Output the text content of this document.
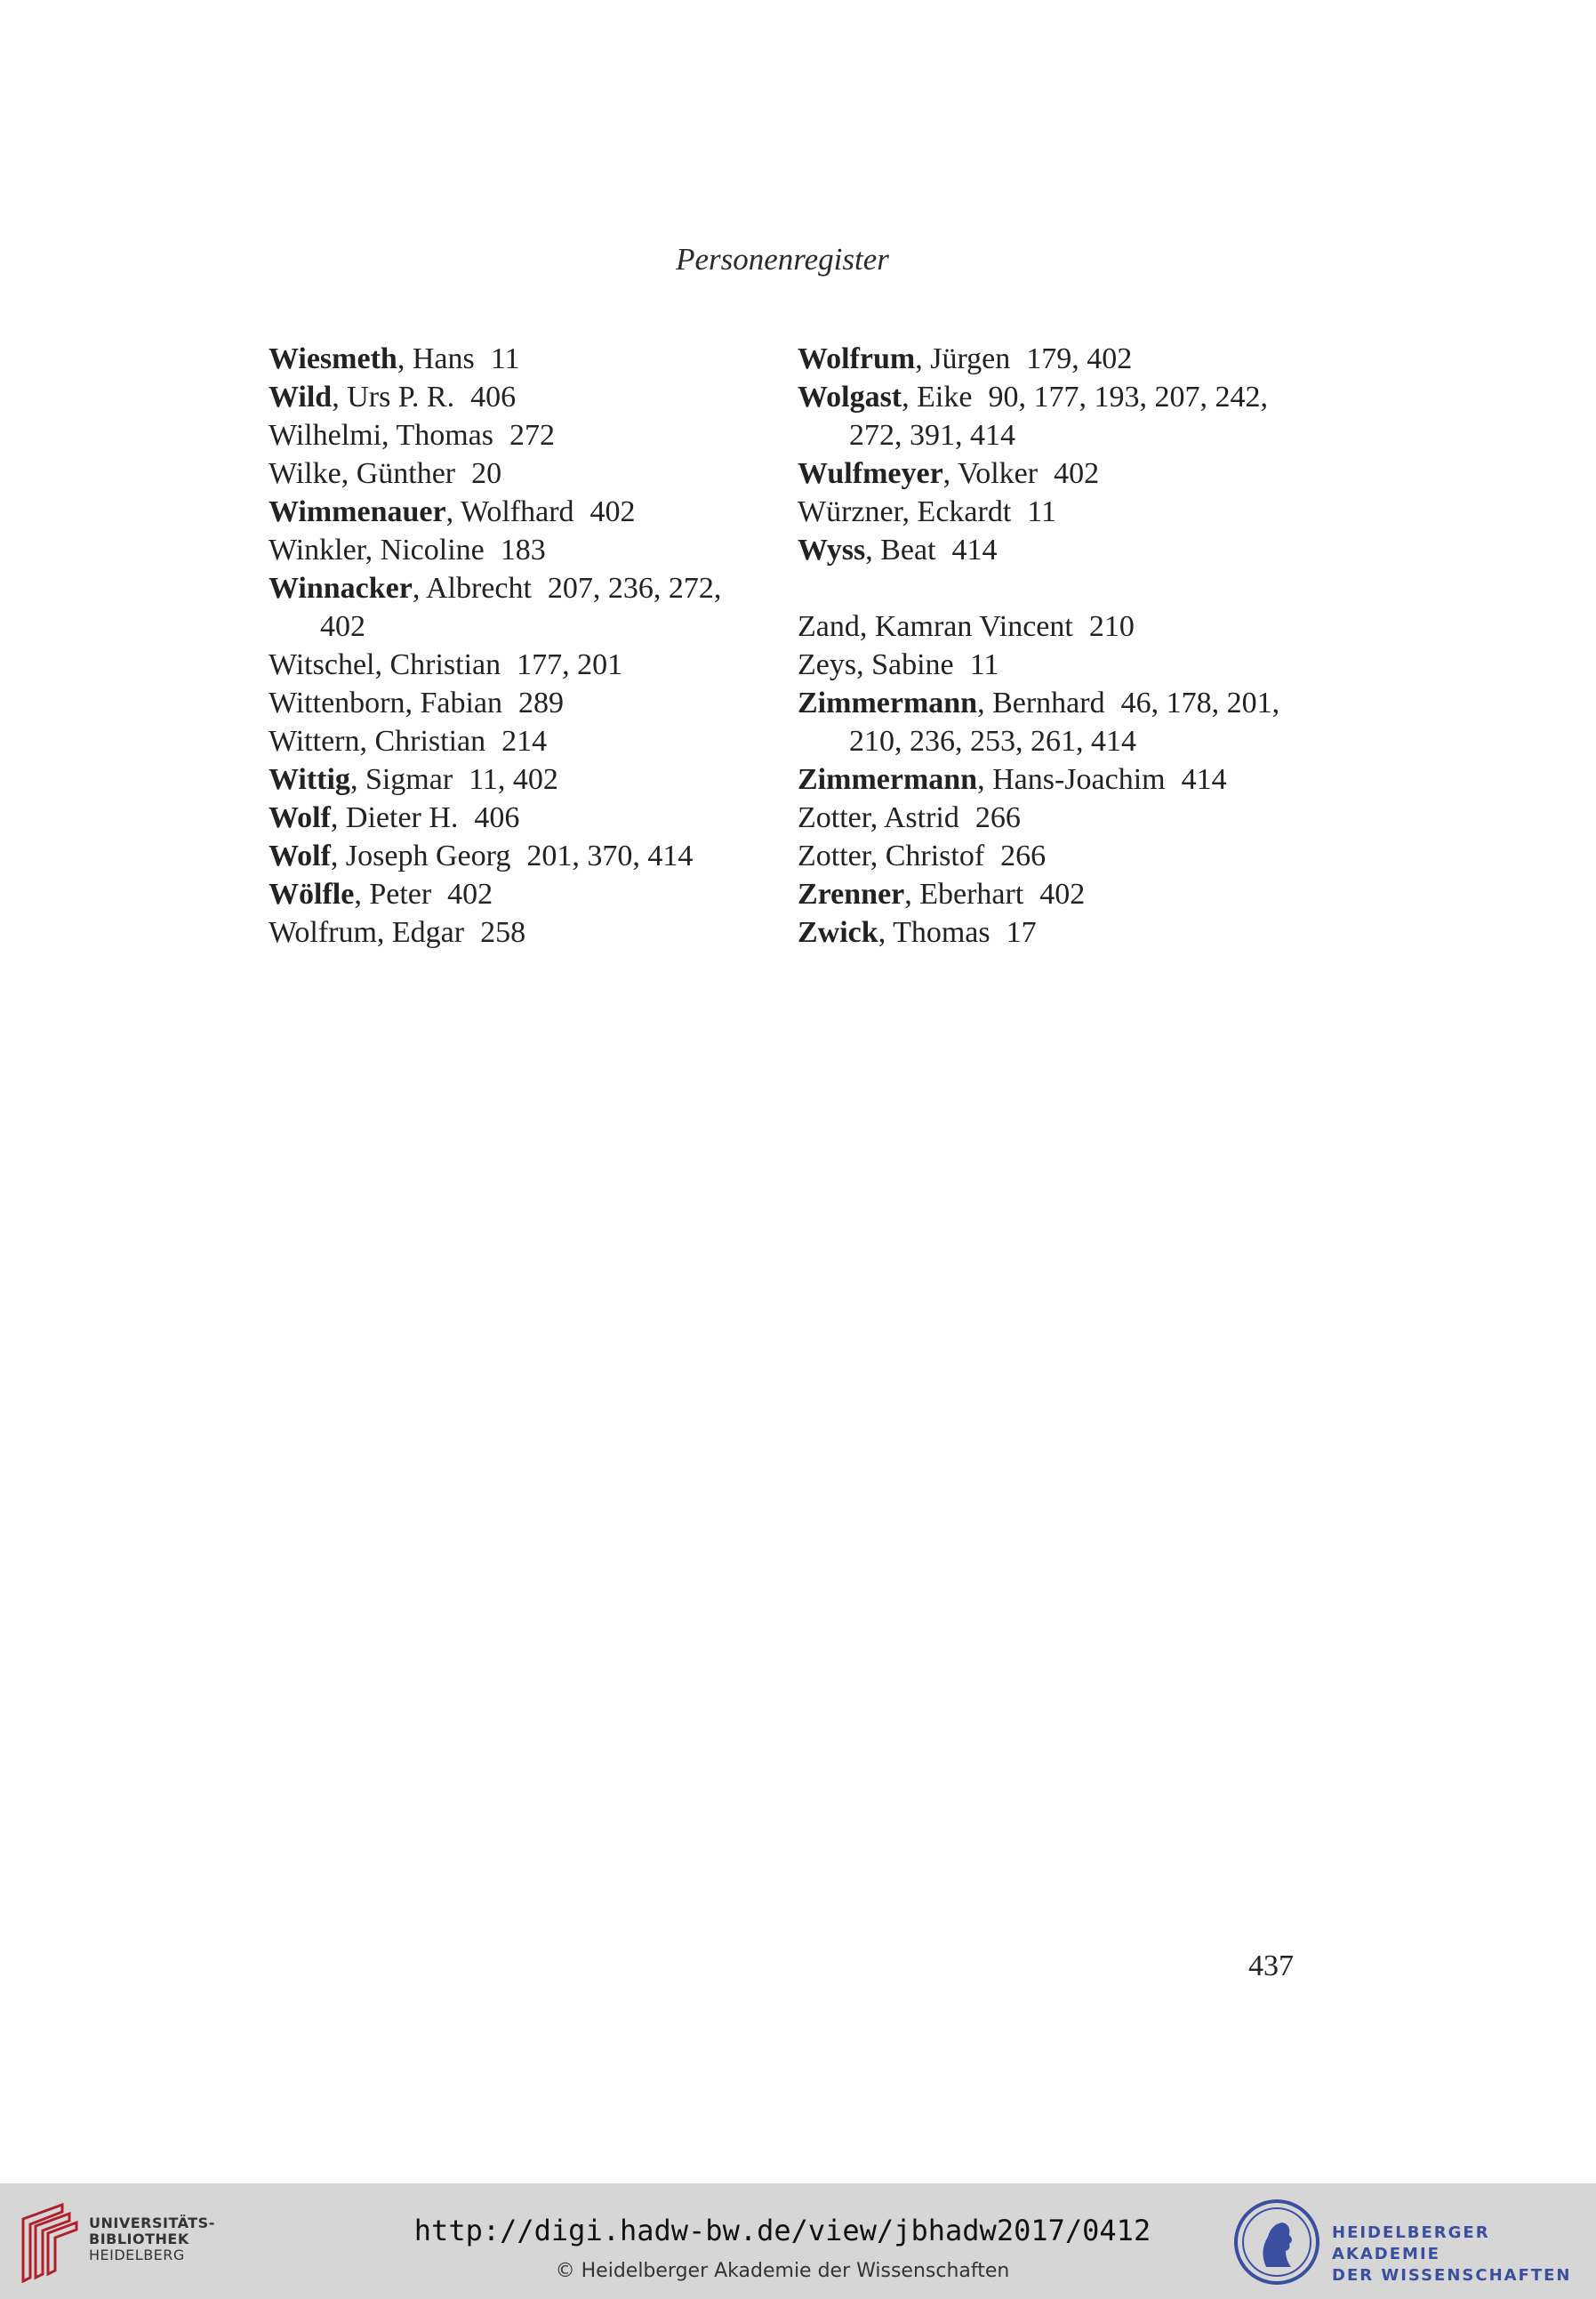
Personenregister
Wiesmeth, Hans 11
Wild, Urs P. R. 406
Wilhelmi, Thomas 272
Wilke, Günther 20
Wimmenauer, Wolfhard 402
Winkler, Nicoline 183
Winnacker, Albrecht 207, 236, 272, 402
Witschel, Christian 177, 201
Wittenborn, Fabian 289
Wittern, Christian 214
Wittig, Sigmar 11, 402
Wolf, Dieter H. 406
Wolf, Joseph Georg 201, 370, 414
Wölfle, Peter 402
Wolfrum, Edgar 258
Wolfrum, Jürgen 179, 402
Wolgast, Eike 90, 177, 193, 207, 242, 272, 391, 414
Wulfmeyer, Volker 402
Würzner, Eckardt 11
Wyss, Beat 414
Zand, Kamran Vincent 210
Zeys, Sabine 11
Zimmermann, Bernhard 46, 178, 201, 210, 236, 253, 261, 414
Zimmermann, Hans-Joachim 414
Zotter, Astrid 266
Zotter, Christof 266
Zrenner, Eberhart 402
Zwick, Thomas 17
437
UNIVERSITÄTS-
BIBLIOTHEK
HEIDELBERG
http://digi.hadw-bw.de/view/jbhadw2017/0412
© Heidelberger Akademie der Wissenschaften
HEIDELBERGER AKADEMIE
DER WISSENSCHAFTEN
